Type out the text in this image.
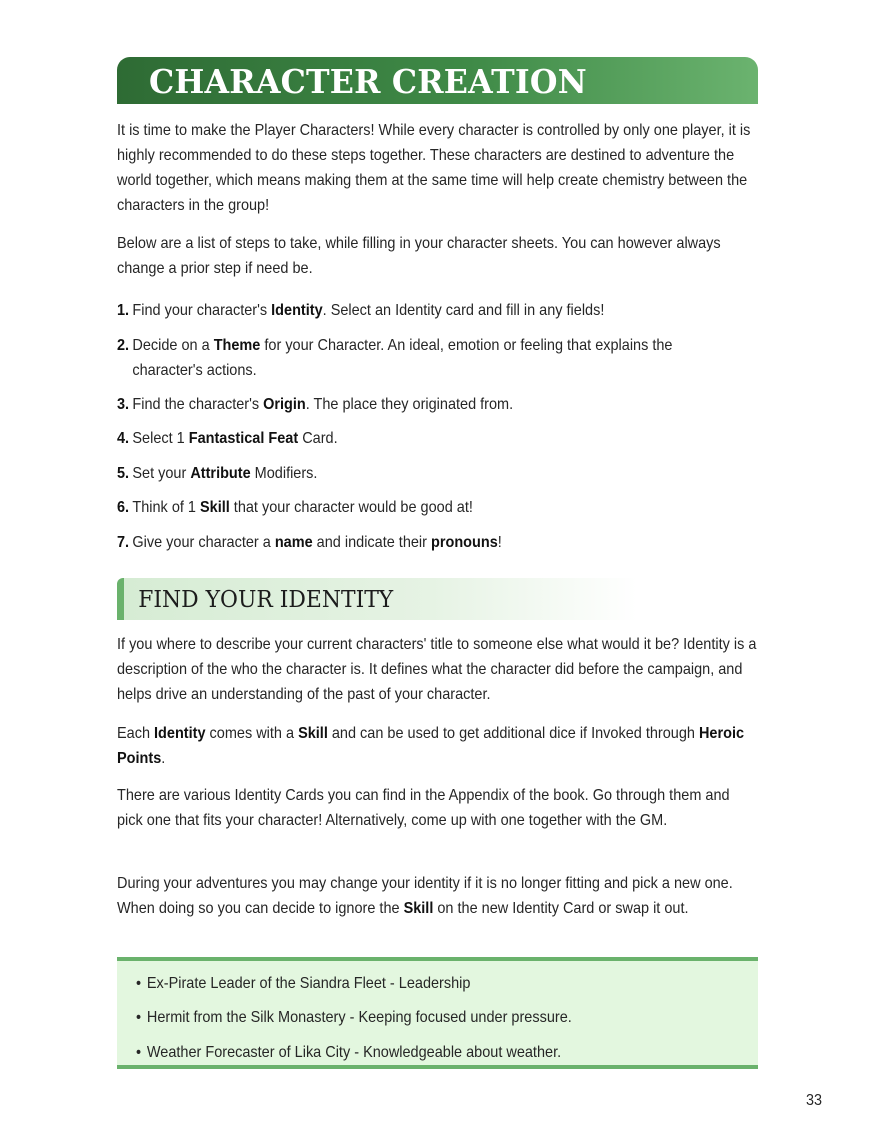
CHARACTER CREATION

It is time to make the Player Characters! While every character is controlled by only one player, it is highly recommended to do these steps together. These characters are destined to adventure the world together, which means making them at the same time will help create chemistry between the characters in the group!

Below are a list of steps to take, while filling in your character sheets. You can however always change a prior step if need be.

1. Find your character's Identity. Select an Identity card and fill in any fields!
2. Decide on a Theme for your Character. An ideal, emotion or feeling that explains the
character's actions.
3. Find the character's Origin. The place they originated from.
4. Select 1 Fantastical Feat Card.
5. Set your Attribute Modifiers.
6. Think of 1 Skill that your character would be good at!
7. Give your character a name and indicate their pronouns!
FIND YOUR IDENTITY

If you where to describe your current characters' title to someone else what would it be? Identity is a description of the who the character is. It defines what the character did before the campaign, and helps drive an understanding of the past of your character.

Each Identity comes with a Skill and can be used to get additional dice if Invoked through Heroic Points.

There are various Identity Cards you can find in the Appendix of the book. Go through them and pick one that fits your character! Alternatively, come up with one together with the GM.

During your adventures you may change your identity if it is no longer fitting and pick a new one. When doing so you can decide to ignore the Skill on the new Identity Card or swap it out.

• Ex-Pirate Leader of the Siandra Fleet - Leadership
• Hermit from the Silk Monastery - Keeping focused under pressure.
• Weather Forecaster of Lika City - Knowledgeable about weather.
33
